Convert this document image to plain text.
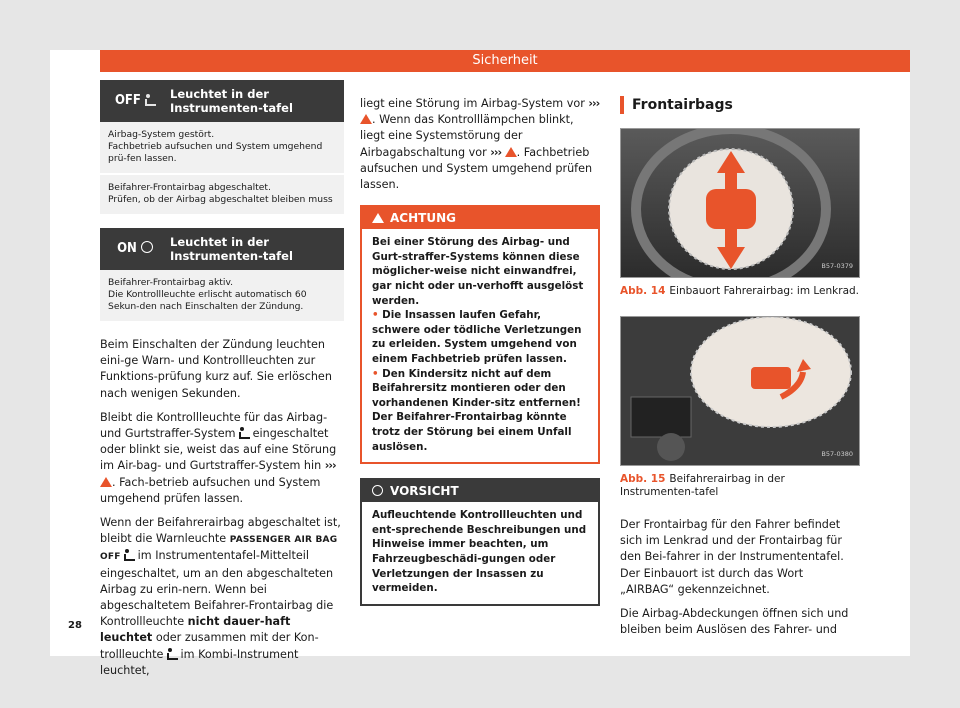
Sicherheit
OFF	Leuchtet in der Instrumenten-tafel
Airbag-System gestört.
Fachbetrieb aufsuchen und System umgehend prü-fen lassen.
Beifahrer-Frontairbag abgeschaltet.
Prüfen, ob der Airbag abgeschaltet bleiben muss
ON	Leuchtet in der Instrumenten-tafel
Beifahrer-Frontairbag aktiv.
Die Kontrollleuchte erlischt automatisch 60 Sekun-den nach Einschalten der Zündung.

Beim Einschalten der Zündung leuchten eini-ge Warn- und Kontrollleuchten zur Funktions-prüfung kurz auf. Sie erlöschen nach wenigen Sekunden.

Bleibt die Kontrollleuchte für das Airbag- und Gurtstraffer-System eingeschaltet oder blinkt sie, weist das auf eine Störung im Air-bag- und Gurtstraffer-System hin ››› . Fach-betrieb aufsuchen und System umgehend prüfen lassen.

Wenn der Beifahrerairbag abgeschaltet ist, bleibt die Warnleuchte PASSENGER AIR BAG OFF im Instrumententafel-Mittelteil eingeschaltet, um an den abgeschalteten Airbag zu erin-nern. Wenn bei abgeschaltetem Beifahrer-Frontairbag die Kontrollleuchte nicht dauer-haft leuchtet oder zusammen mit der Kon-trollleuchte im Kombi-Instrument leuchtet,

liegt eine Störung im Airbag-System vor ››› . Wenn das Kontrolllämpchen blinkt, liegt eine Systemstörung der Airbagabschaltung vor ››› . Fachbetrieb aufsuchen und System umgehend prüfen lassen.

ACHTUNG
Bei einer Störung des Airbag- und Gurt-straffer-Systems können diese möglicher-weise nicht einwandfrei, gar nicht oder un-verhofft ausgelöst werden.
• Die Insassen laufen Gefahr, schwere oder tödliche Verletzungen zu erleiden. System umgehend von einem Fachbetrieb prüfen lassen.
• Den Kindersitz nicht auf dem Beifahrersitz montieren oder den vorhandenen Kinder-sitz entfernen! Der Beifahrer-Frontairbag könnte trotz der Störung bei einem Unfall auslösen.
VORSICHT
Aufleuchtende Kontrollleuchten und ent-sprechende Beschreibungen und Hinweise immer beachten, um Fahrzeugbeschädi-gungen oder Verletzungen der Insassen zu vermeiden.
Frontairbags
B57-0379
Abb. 14 Einbauort Fahrerairbag: im Lenkrad.
B57-0380
Abb. 15 Beifahrerairbag in der Instrumenten-tafel

Der Frontairbag für den Fahrer befindet sich im Lenkrad und der Frontairbag für den Bei-fahrer in der Instrumententafel. Der Einbauort ist durch das Wort „AIRBAG“ gekennzeichnet.

Die Airbag-Abdeckungen öffnen sich und bleiben beim Auslösen des Fahrer- und

28
